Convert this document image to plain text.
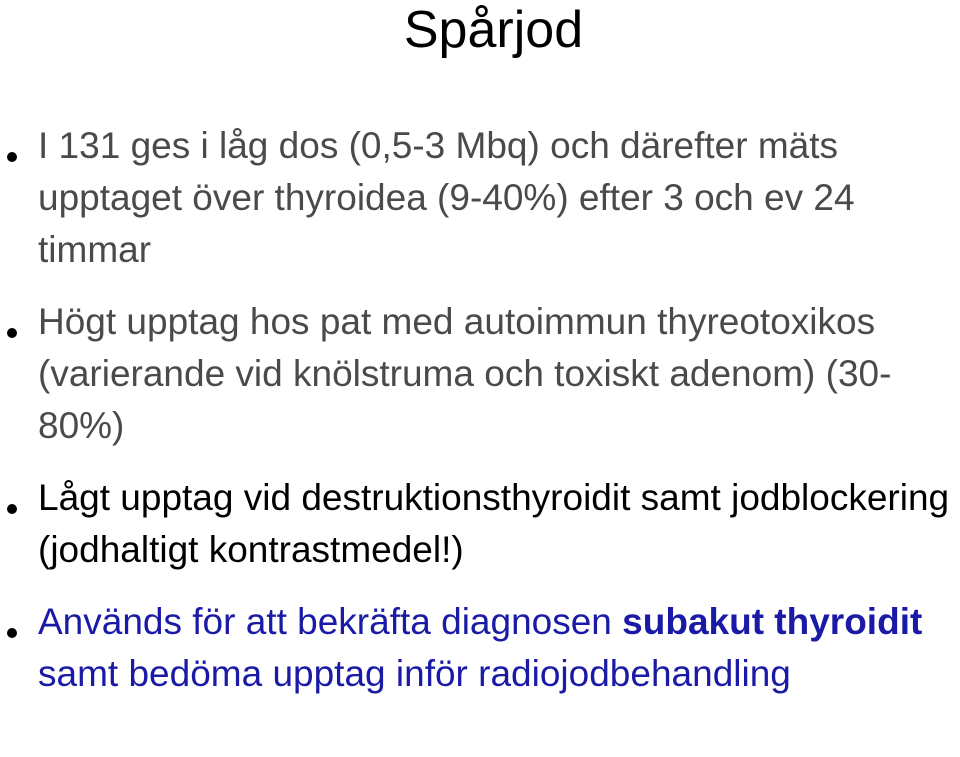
Spårjod
I 131 ges i låg dos (0,5-3 Mbq) och därefter mäts upptaget över thyroidea (9-40%) efter 3 och ev 24 timmar
Högt upptag hos pat med autoimmun thyreotoxikos (varierande vid knölstruma och toxiskt adenom) (30-80%)
Lågt upptag vid destruktionsthyroidit samt jodblockering (jodhaltigt kontrastmedel!)
Används för att bekräfta diagnosen subakut thyroidit samt bedöma upptag inför radiojodbehandling
